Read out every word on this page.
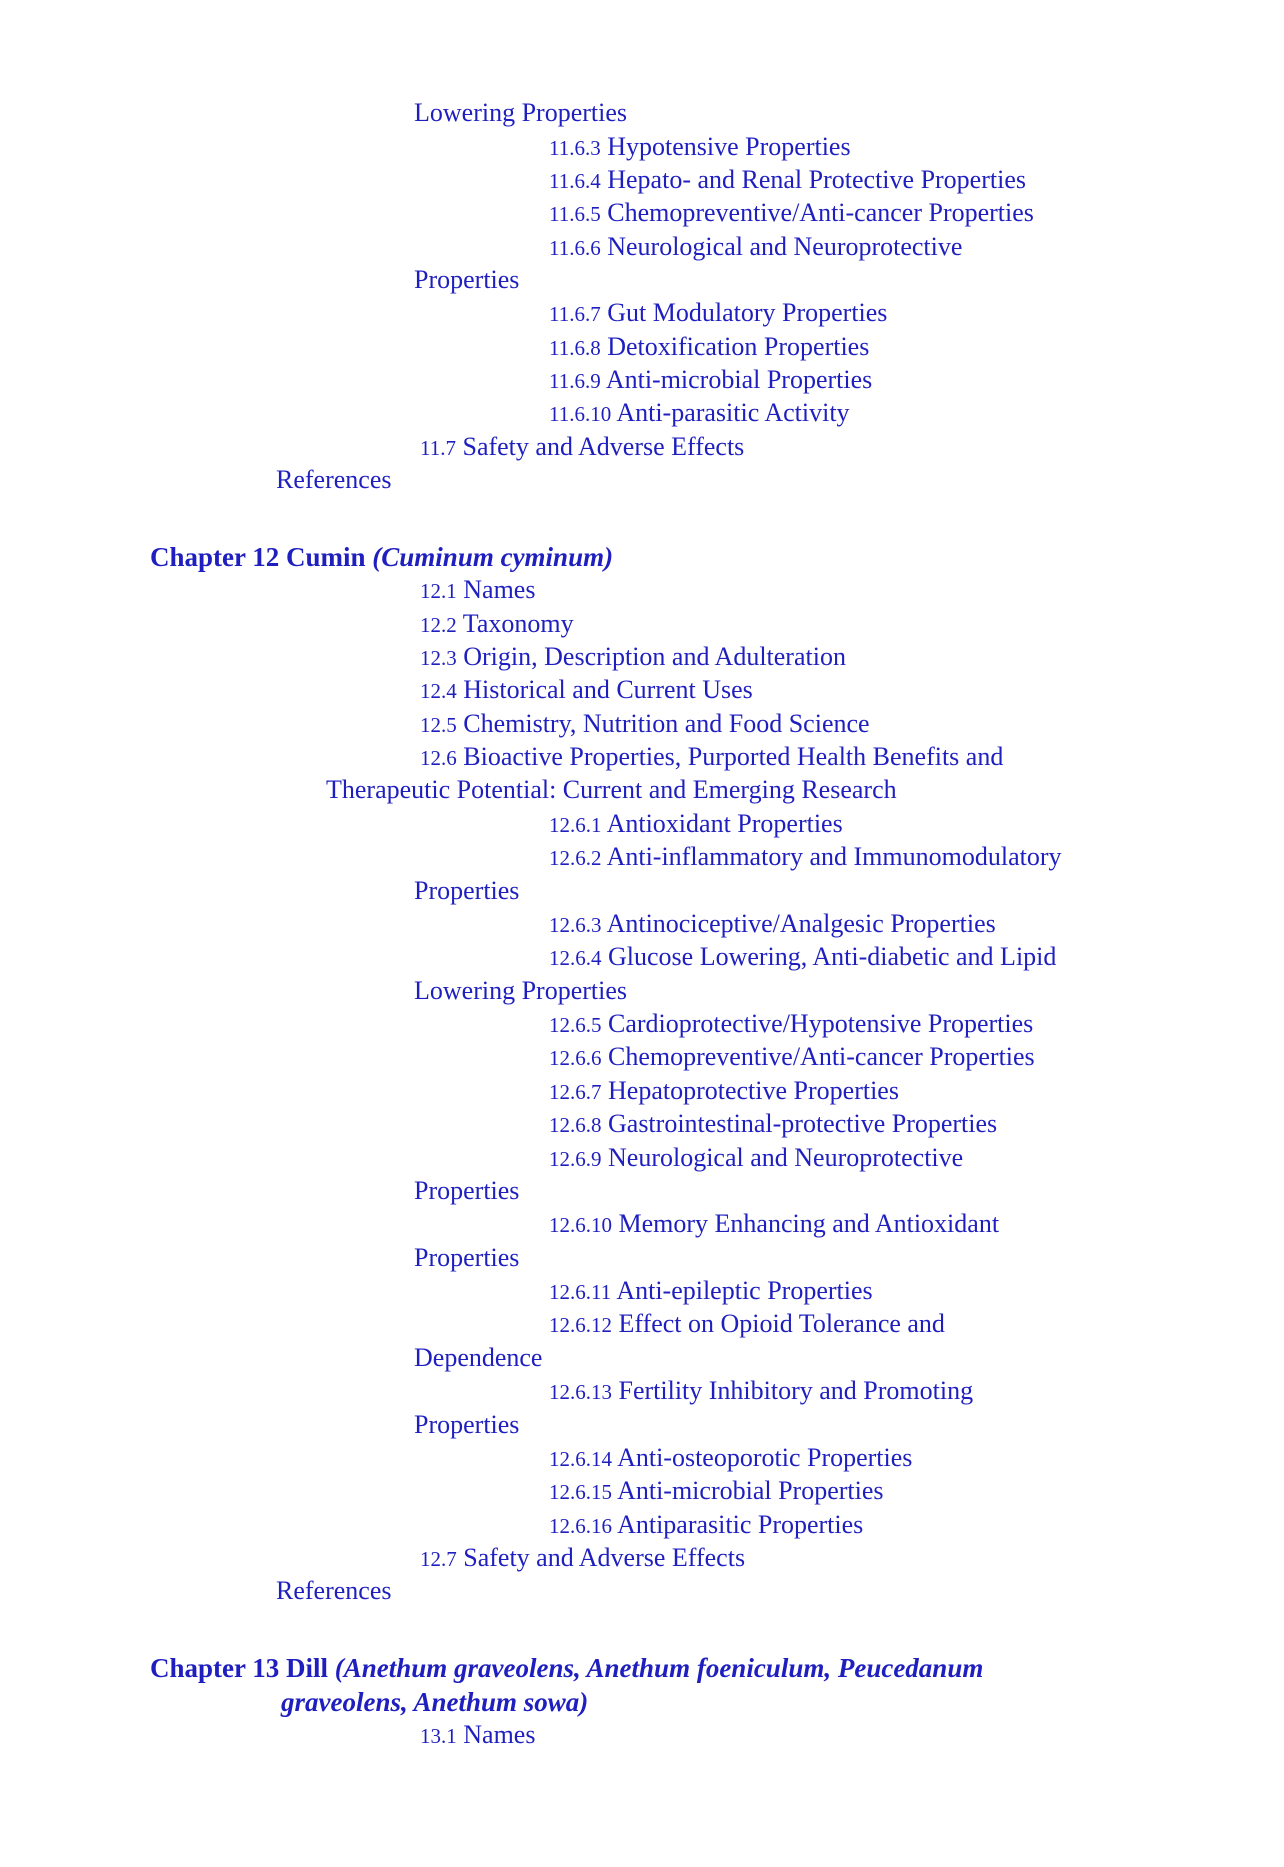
Lowering Properties
11.6.3 Hypotensive Properties
11.6.4 Hepato- and Renal Protective Properties
11.6.5 Chemopreventive/Anti-cancer Properties
11.6.6 Neurological and Neuroprotective
Properties
11.6.7 Gut Modulatory Properties
11.6.8 Detoxification Properties
11.6.9 Anti-microbial Properties
11.6.10 Anti-parasitic Activity
11.7 Safety and Adverse Effects
References
Chapter 12 Cumin (Cuminum cyminum)
12.1 Names
12.2 Taxonomy
12.3 Origin, Description and Adulteration
12.4 Historical and Current Uses
12.5 Chemistry, Nutrition and Food Science
12.6 Bioactive Properties, Purported Health Benefits and
Therapeutic Potential: Current and Emerging Research
12.6.1 Antioxidant Properties
12.6.2 Anti-inflammatory and Immunomodulatory
Properties
12.6.3 Antinociceptive/Analgesic Properties
12.6.4 Glucose Lowering, Anti-diabetic and Lipid
Lowering Properties
12.6.5 Cardioprotective/Hypotensive Properties
12.6.6 Chemopreventive/Anti-cancer Properties
12.6.7 Hepatoprotective Properties
12.6.8 Gastrointestinal-protective Properties
12.6.9 Neurological and Neuroprotective
Properties
12.6.10 Memory Enhancing and Antioxidant
Properties
12.6.11 Anti-epileptic Properties
12.6.12 Effect on Opioid Tolerance and
Dependence
12.6.13 Fertility Inhibitory and Promoting
Properties
12.6.14 Anti-osteoporotic Properties
12.6.15 Anti-microbial Properties
12.6.16 Antiparasitic Properties
12.7 Safety and Adverse Effects
References
Chapter 13 Dill (Anethum graveolens, Anethum foeniculum, Peucedanum
graveolens, Anethum sowa)
13.1 Names
